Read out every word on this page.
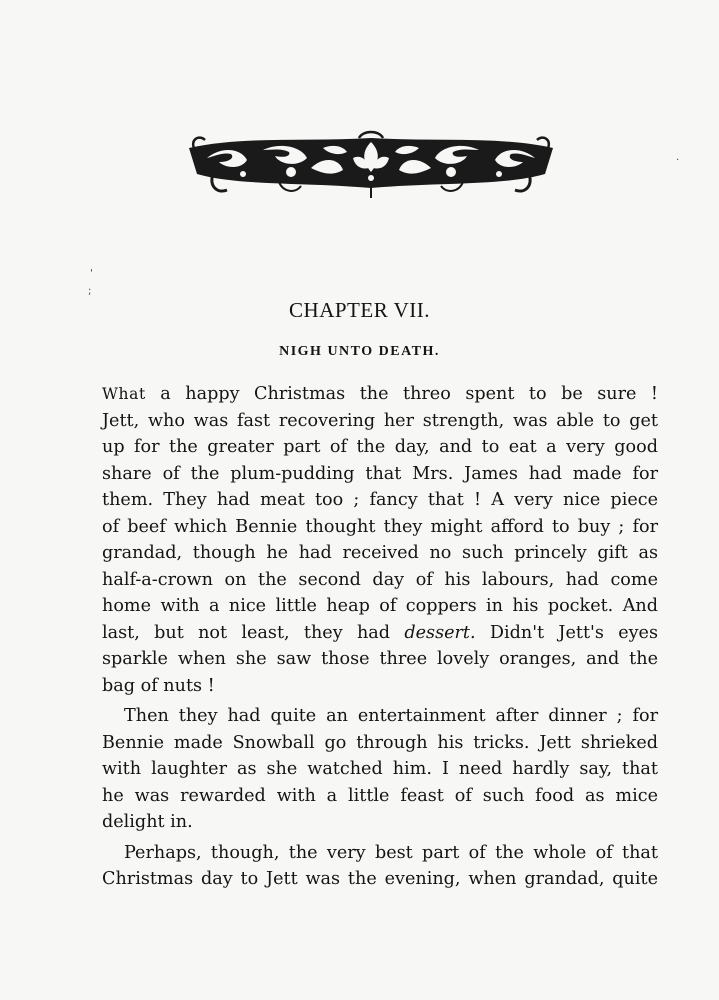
'
;
.
CHAPTER VII.
NIGH UNTO DEATH.
What a happy Christmas the threo spent to be sure !
Jett, who was fast recovering her strength, was able to get
up for the greater part of the day, and to eat a very good
share of the plum-pudding that Mrs. James had made for
them. They had meat too ; fancy that ! A very nice piece
of beef which Bennie thought they might afford to buy ; for
grandad, though he had received no such princely gift as
half-a-crown on the second day of his labours, had come
home with a nice little heap of coppers in his pocket. And
last, but not least, they had dessert. Didn't Jett's eyes
sparkle when she saw those three lovely oranges, and the
bag of nuts !
Then they had quite an entertainment after dinner ; for
Bennie made Snowball go through his tricks. Jett shrieked
with laughter as she watched him. I need hardly say, that
he was rewarded with a little feast of such food as mice
delight in.
Perhaps, though, the very best part of the whole of that
Christmas day to Jett was the evening, when grandad, quite
